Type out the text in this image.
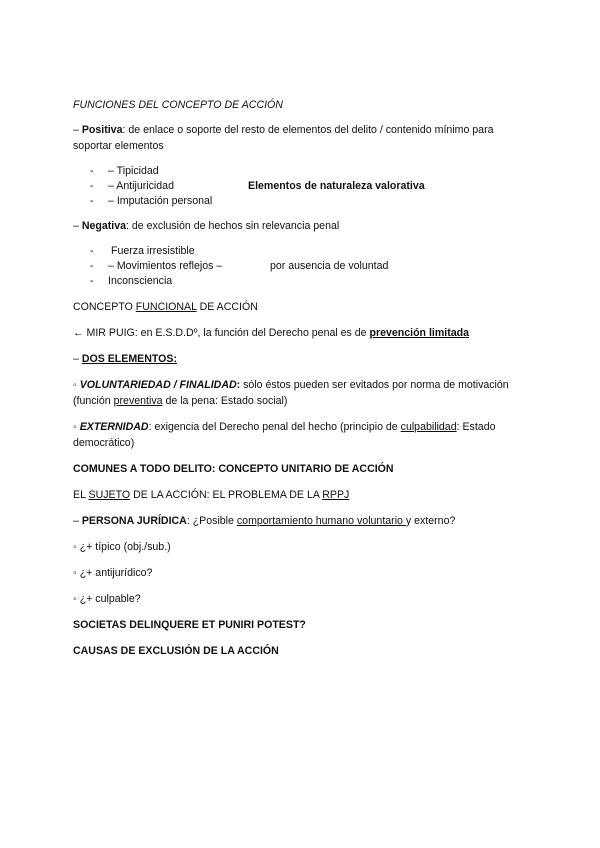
FUNCIONES DEL CONCEPTO DE ACCIÓN

– Positiva: de enlace o soporte del resto de elementos del delito / contenido mínimo para soportar elementos

- – Tipicidad
- – Antijuricidad	Elementos de naturaleza valorativa
- – Imputación personal

– Negativa: de exclusión de hechos sin relevancia penal

- Fuerza irresistible
- – Movimientos reflejos –	por ausencia de voluntad
- Inconsciencia

CONCEPTO FUNCIONAL DE ACCIÓN

← MIR PUIG: en E.S.D.Dº, la función del Derecho penal es de prevención limitada

– DOS ELEMENTOS:

◦ VOLUNTARIEDAD / FINALIDAD: sólo éstos pueden ser evitados por norma de motivación (función preventiva de la pena: Estado social)

◦ EXTERNIDAD: exigencia del Derecho penal del hecho (principio de culpabilidad: Estado democrático)

COMUNES A TODO DELITO: CONCEPTO UNITARIO DE ACCIÓN

EL SUJETO DE LA ACCIÓN: EL PROBLEMA DE LA RPPJ

– PERSONA JURÍDICA: ¿Posible comportamiento humano voluntario y externo?

◦ ¿+ típico (obj./sub.)

◦ ¿+ antijurídico?

◦ ¿+ culpable?

SOCIETAS DELINQUERE ET PUNIRI POTEST?

CAUSAS DE EXCLUSIÓN DE LA ACCIÓN
